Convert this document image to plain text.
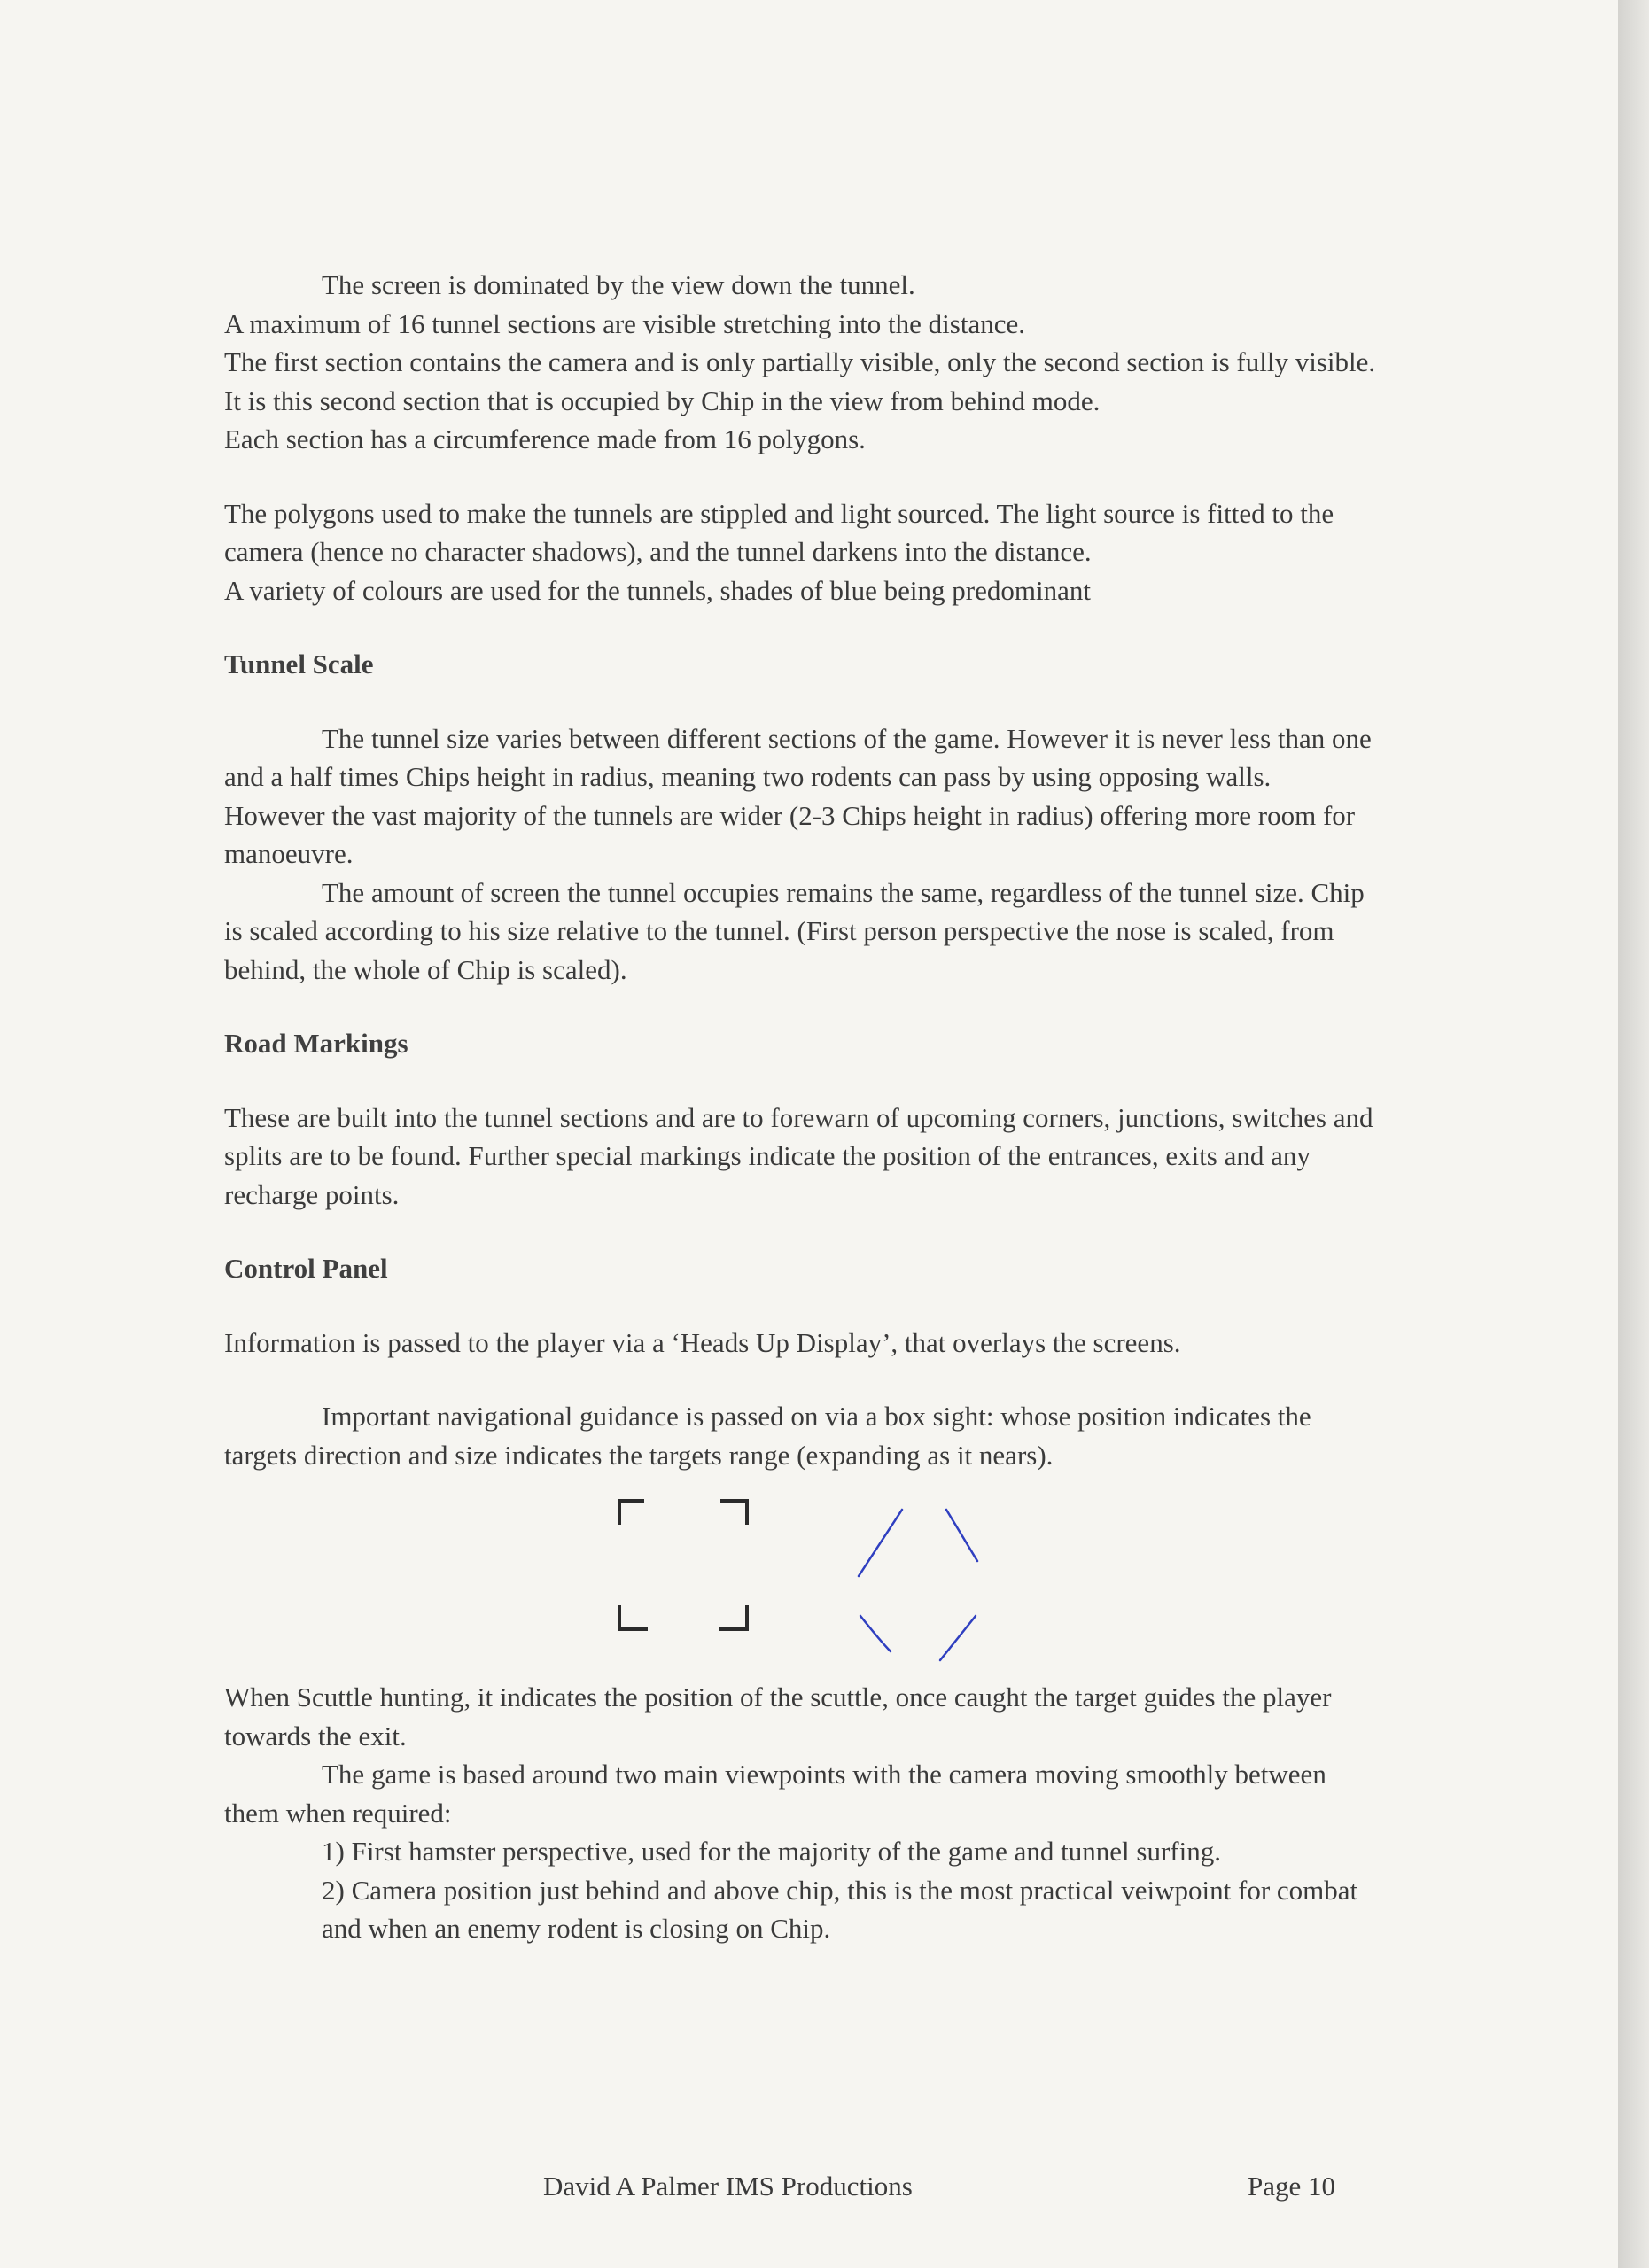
The screen is dominated by the view down the tunnel.

A maximum of 16 tunnel sections are visible stretching into the distance.

The first section contains the camera and is only partially visible, only the second section is fully visible. It is this second section that is occupied by Chip in the view from behind mode.

Each section has a circumference made from 16 polygons.

The polygons used to make the tunnels are stippled and light sourced. The light source is fitted to the camera (hence no character shadows), and the tunnel darkens into the distance.

A variety of colours are used for the tunnels, shades of blue being predominant

Tunnel Scale

The tunnel size varies between different sections of the game. However it is never less than one and a half times Chips height in radius, meaning two rodents can pass by using opposing walls. However the vast majority of the tunnels are wider (2-3 Chips height in radius) offering more room for manoeuvre.

The amount of screen the tunnel occupies remains the same, regardless of the tunnel size. Chip is scaled according to his size relative to the tunnel. (First person perspective the nose is scaled, from behind, the whole of Chip is scaled).

Road Markings

These are built into the tunnel sections and are to forewarn of upcoming corners, junctions, switches and splits are to be found. Further special markings indicate the position of the entrances, exits and any recharge points.

Control Panel

Information is passed to the player via a ‘Heads Up Display’, that overlays the screens.

Important navigational guidance is passed on via a box sight: whose position indicates the targets direction and size indicates the targets range (expanding as it nears).

When Scuttle hunting, it indicates the position of the scuttle, once caught the target guides the player towards the exit.

The game is based around two main viewpoints with the camera moving smoothly between them when required:

1) First hamster perspective, used for the majority of the game and tunnel surfing.

2) Camera position just behind and above chip, this is the most practical veiwpoint for combat and when an enemy rodent is closing on Chip.

David A Palmer IMS Productions	Page 10
